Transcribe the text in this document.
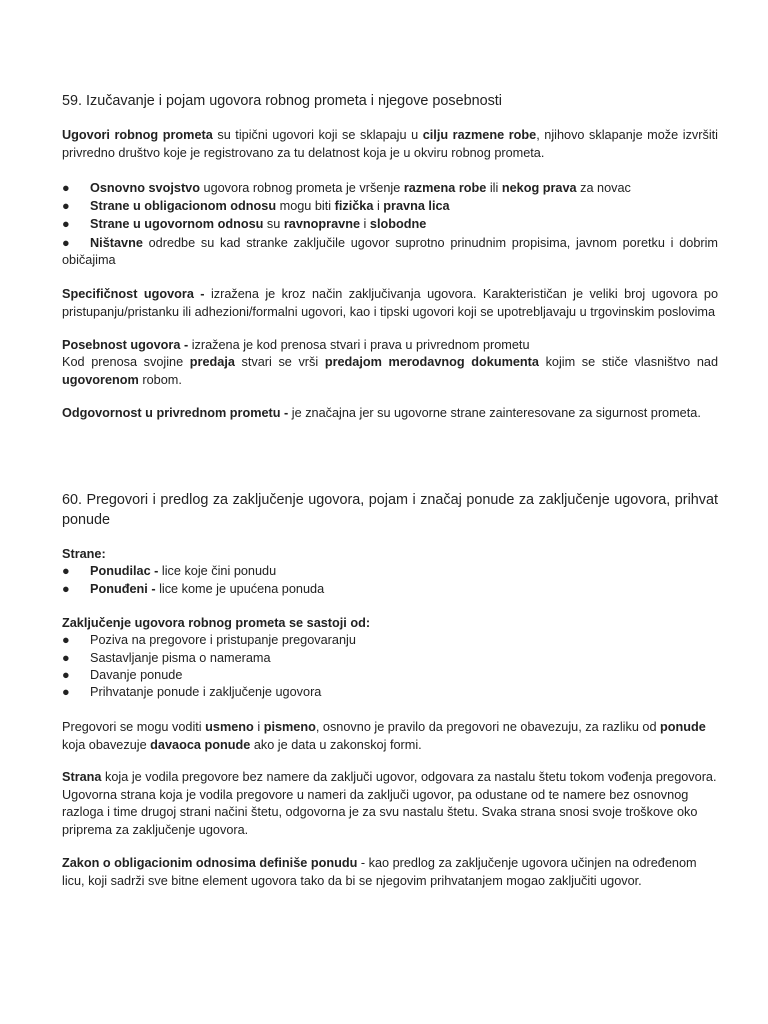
59. Izučavanje i pojam ugovora robnog prometa i njegove posebnosti
Ugovori robnog prometa su tipični ugovori koji se sklapaju u cilju razmene robe, njihovo sklapanje može izvršiti privredno društvo koje je registrovano za tu delatnost koja je u okviru robnog prometa.
● Osnovno svojstvo ugovora robnog prometa je vršenje razmena robe ili nekog prava za novac
● Strane u obligacionom odnosu mogu biti fizička i pravna lica
● Strane u ugovornom odnosu su ravnopravne i slobodne
● Ništavne odredbe su kad stranke zaključile ugovor suprotno prinudnim propisima, javnom poretku i dobrim
običajima
Specifičnost ugovora - izražena je kroz način zaključivanja ugovora. Karakterističan je veliki broj ugovora po pristupanju/pristanku ili adhezioni/formalni ugovori, kao i tipski ugovori koji se upotrebljavaju u trgovinskim poslovima
Posebnost ugovora - izražena je kod prenosa stvari i prava u privrednom prometu
Kod prenosa svojine predaja stvari se vrši predajom merodavnog dokumenta kojim se stiče vlasništvo nad ugovorenom robom.
Odgovornost u privrednom prometu - je značajna jer su ugovorne strane zainteresovane za sigurnost prometa.
60. Pregovori i predlog za zaključenje ugovora, pojam i značaj ponude za zaključenje ugovora, prihvat ponude
Strane:
● Ponudilac - lice koje čini ponudu
● Ponuđeni - lice kome je upućena ponuda
Zaključenje ugovora robnog prometa se sastoji od:
● Poziva na pregovore i pristupanje pregovaranju
● Sastavljanje pisma o namerama
● Davanje ponude
● Prihvatanje ponude i zaključenje ugovora
Pregovori se mogu voditi usmeno i pismeno, osnovno je pravilo da pregovori ne obavezuju, za razliku od ponude koja obavezuje davaoca ponude ako je data u zakonskoj formi.
Strana koja je vodila pregovore bez namere da zaključi ugovor, odgovara za nastalu štetu tokom vođenja pregovora. Ugovorna strana koja je vodila pregovore u nameri da zaključi ugovor, pa odustane od te namere bez osnovnog razloga i time drugoj strani načini štetu, odgovorna je za svu nastalu štetu. Svaka strana snosi svoje troškove oko priprema za zaključenje ugovora.
Zakon o obligacionim odnosima definiše ponudu - kao predlog za zaključenje ugovora učinjen na određenom licu, koji sadrži sve bitne element ugovora tako da bi se njegovim prihvatanjem mogao zaključiti ugovor.
